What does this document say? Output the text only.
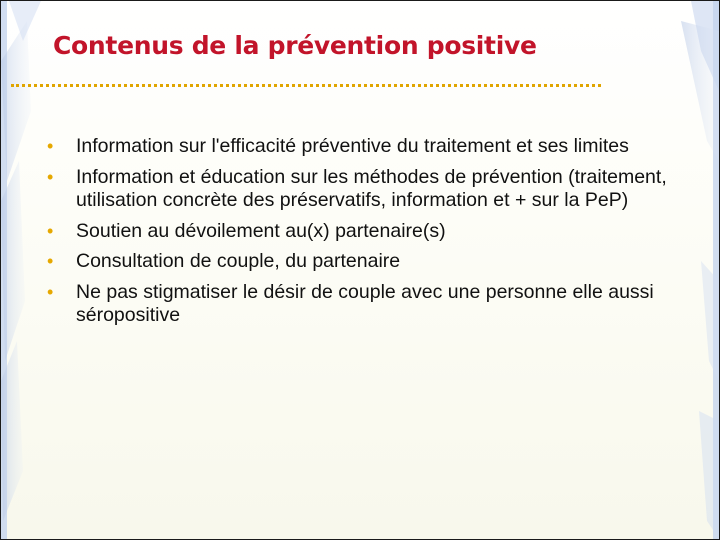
Contenus de la prévention positive
• Information sur l'efficacité préventive du traitement et ses limites
• Information et éducation sur les méthodes de prévention (traitement, utilisation concrète des préservatifs, information et + sur la PeP)
• Soutien au dévoilement au(x) partenaire(s)
• Consultation de couple, du partenaire
• Ne pas stigmatiser le désir de couple avec une personne elle aussi séropositive
